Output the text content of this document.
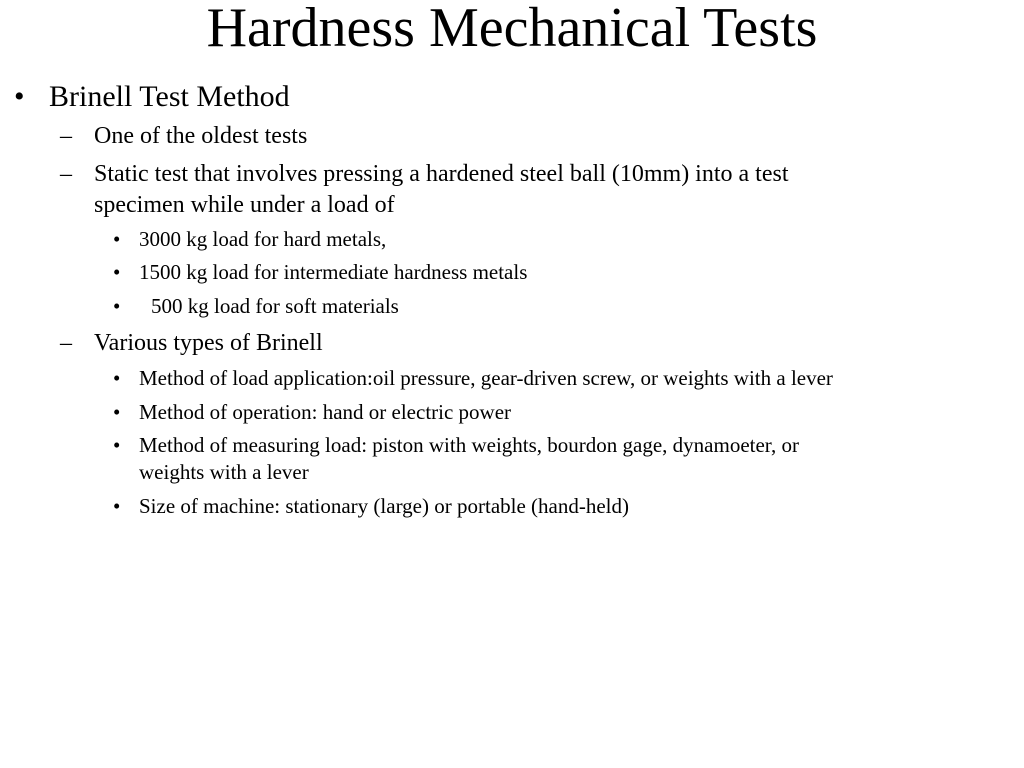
Hardness Mechanical Tests
• Brinell Test Method
– One of the oldest tests
– Static test that involves pressing a hardened steel ball (10mm) into a test
specimen while under a load of
• 3000 kg load for hard metals,
• 1500 kg load for intermediate hardness metals
• 500 kg load for soft materials
– Various types of Brinell
• Method of load application:oil pressure, gear-driven screw, or weights with a lever
• Method of operation: hand or electric power
• Method of measuring load: piston with weights, bourdon gage, dynamoeter, or
weights with a lever
• Size of machine: stationary (large) or portable (hand-held)
